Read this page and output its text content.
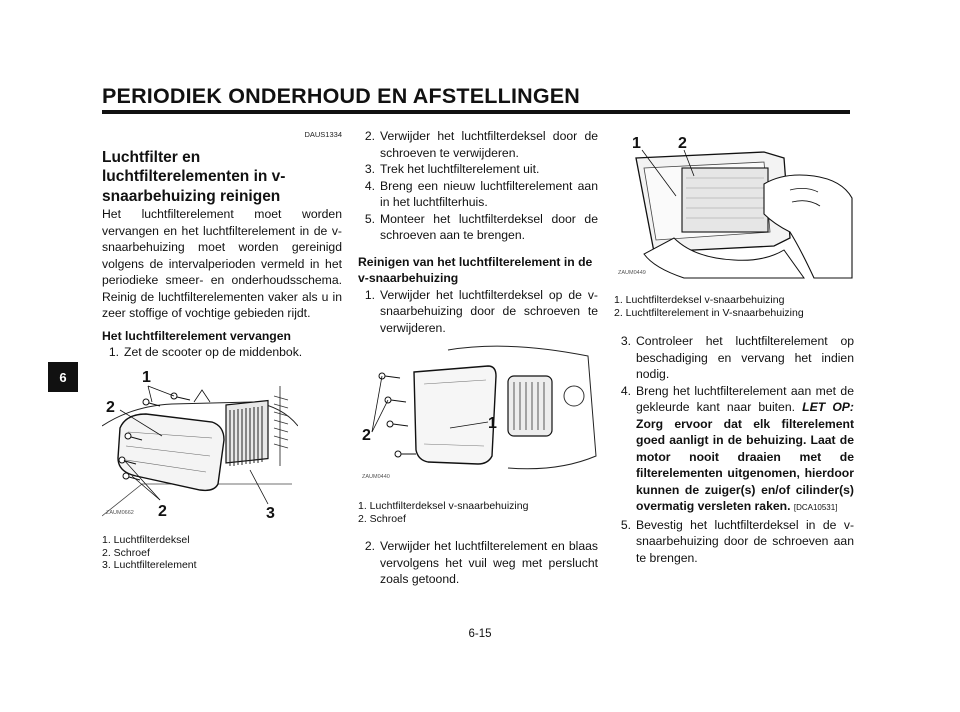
PERIODIEK ONDERHOUD EN AFSTELLINGEN
6
DAUS1334
Luchtfilter en luchtfilterelementen in v-snaarbehuizing reinigen

Het luchtfilterelement moet worden vervangen en het luchtfilterelement in de v-snaarbehuizing moet worden gereinigd volgens de intervalperioden vermeld in het periodieke smeer- en onderhoudsschema. Reinig de luchtfilterelementen vaker als u in zeer stoffige of vochtige gebieden rijdt.

Het luchtfilterelement vervangen
1. Zet de scooter op de middenbok.
1
2
2	3
ZAUM0662

1. Luchtfilterdeksel

2. Schroef

3. Luchtfilterelement

2. Verwijder het luchtfilterdeksel door de schroeven te verwijderen.
3. Trek het luchtfilterelement uit.
4. Breng een nieuw luchtfilterelement aan in het luchtfilterhuis.
5. Monteer het luchtfilterdeksel door de schroeven aan te brengen.
Reinigen van het luchtfilterelement in de v-snaarbehuizing
1. Verwijder het luchtfilterdeksel op de v-snaarbehuizing door de schroeven te verwijderen.
2
1
ZAUM0440

1. Luchtfilterdeksel v-snaarbehuizing

2. Schroef

2. Verwijder het luchtfilterelement en blaas vervolgens het vuil weg met perslucht zoals getoond.
1 2
ZAUM0449

1. Luchtfilterdeksel v-snaarbehuizing

2. Luchtfilterelement in V-snaarbehuizing

3. Controleer het luchtfilterelement op beschadiging en vervang het indien nodig.
4. Breng het luchtfilterelement aan met de gekleurde kant naar buiten. LET OP: Zorg ervoor dat elk filterelement goed aanligt in de behuizing. Laat de motor nooit draaien met de filterelementen uitgenomen, hierdoor kunnen de zuiger(s) en/of cilinder(s) overmatig versleten raken. [DCA10531]
5. Bevestig het luchtfilterdeksel in de v-snaarbehuizing door de schroeven aan te brengen.
6-15
